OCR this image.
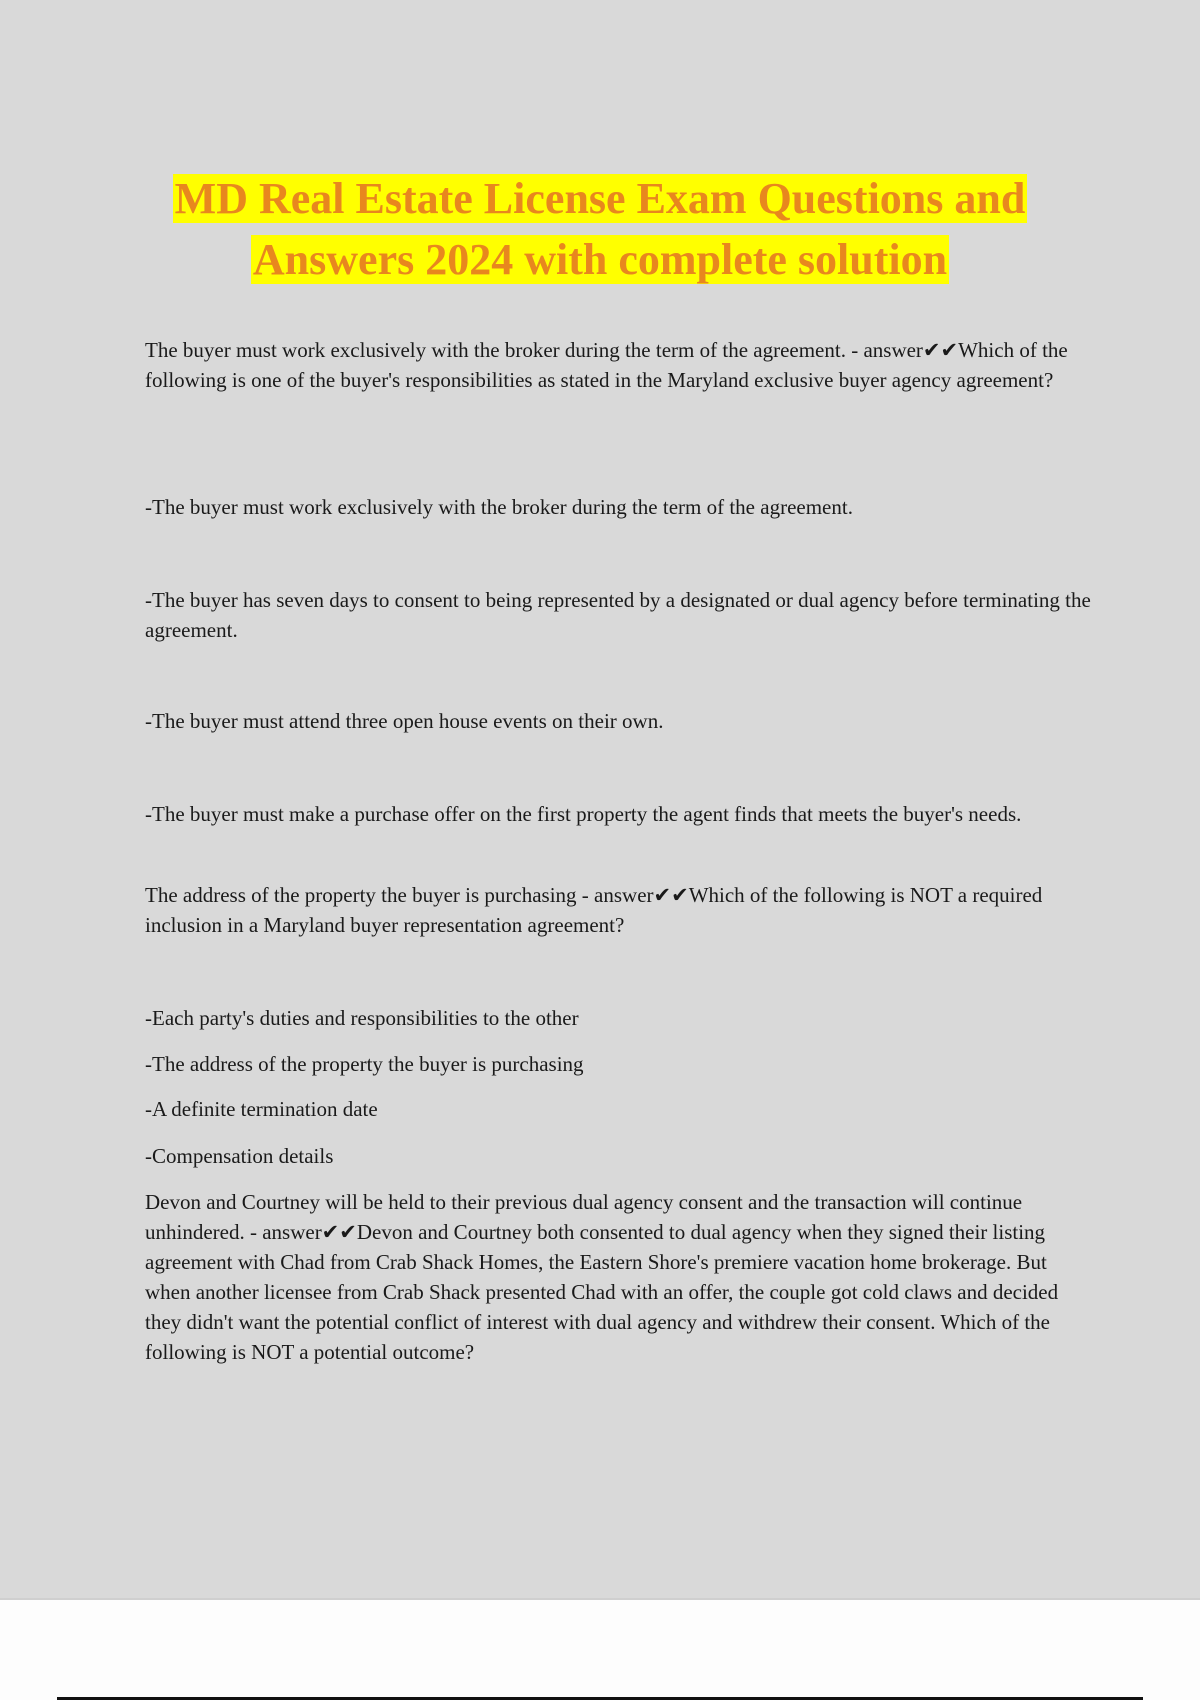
MD Real Estate License Exam Questions and
Answers 2024 with complete solution
The buyer must work exclusively with the broker during the term of the agreement. - answer✔✔Which of the following is one of the buyer's responsibilities as stated in the Maryland exclusive buyer agency agreement?
-The buyer must work exclusively with the broker during the term of the agreement.
-The buyer has seven days to consent to being represented by a designated or dual agency before terminating the agreement.
-The buyer must attend three open house events on their own.
-The buyer must make a purchase offer on the first property the agent finds that meets the buyer's needs.
The address of the property the buyer is purchasing - answer✔✔Which of the following is NOT a required inclusion in a Maryland buyer representation agreement?
-Each party's duties and responsibilities to the other
-The address of the property the buyer is purchasing
-A definite termination date
-Compensation details
Devon and Courtney will be held to their previous dual agency consent and the transaction will continue unhindered. - answer✔✔Devon and Courtney both consented to dual agency when they signed their listing agreement with Chad from Crab Shack Homes, the Eastern Shore's premiere vacation home brokerage. But when another licensee from Crab Shack presented Chad with an offer, the couple got cold claws and decided they didn't want the potential conflict of interest with dual agency and withdrew their consent. Which of the following is NOT a potential outcome?
